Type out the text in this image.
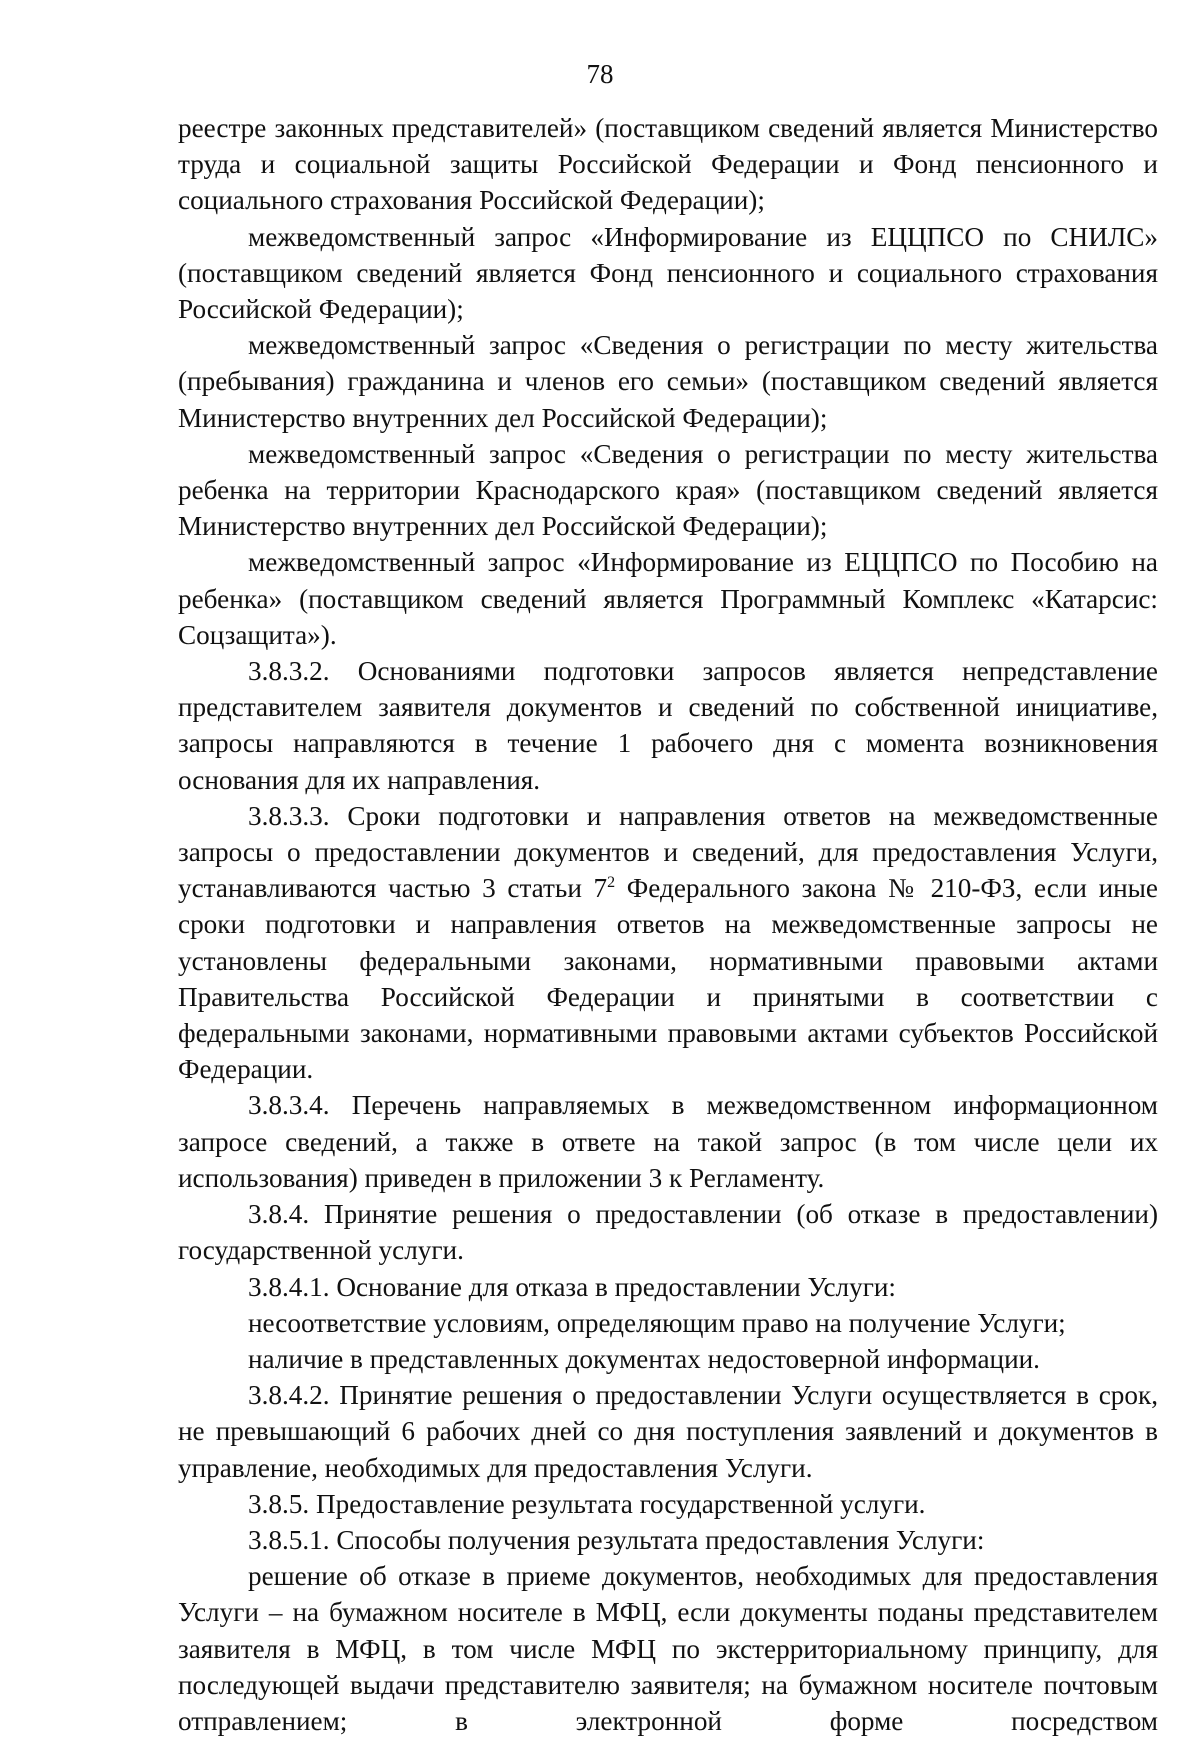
78

реестре законных представителей» (поставщиком сведений является Министерство труда и социальной защиты Российской Федерации и Фонд пенсионного и социального страхования Российской Федерации);

межведомственный запрос «Информирование из ЕЦЦПСО по СНИЛС» (поставщиком сведений является Фонд пенсионного и социального страхования Российской Федерации);

межведомственный запрос «Сведения о регистрации по месту жительства (пребывания) гражданина и членов его семьи» (поставщиком сведений является Министерство внутренних дел Российской Федерации);

межведомственный запрос «Сведения о регистрации по месту жительства ребенка на территории Краснодарского края» (поставщиком сведений является Министерство внутренних дел Российской Федерации);

межведомственный запрос «Информирование из ЕЦЦПСО по Пособию на ребенка» (поставщиком сведений является Программный Комплекс «Катарсис: Соцзащита»).

3.8.3.2. Основаниями подготовки запросов является непредставление представителем заявителя документов и сведений по собственной инициативе, запросы направляются в течение 1 рабочего дня с момента возникновения основания для их направления.

3.8.3.3. Сроки подготовки и направления ответов на межведомственные запросы о предоставлении документов и сведений, для предоставления Услуги, устанавливаются частью 3 статьи $7^2$ Федерального закона № 210-ФЗ, если иные сроки подготовки и направления ответов на межведомственные запросы не установлены федеральными законами, нормативными правовыми актами Правительства Российской Федерации и принятыми в соответствии с федеральными законами, нормативными правовыми актами субъектов Российской Федерации.

3.8.3.4. Перечень направляемых в межведомственном информационном запросе сведений, а также в ответе на такой запрос (в том числе цели их использования) приведен в приложении 3 к Регламенту.

3.8.4. Принятие решения о предоставлении (об отказе в предоставлении) государственной услуги.

3.8.4.1. Основание для отказа в предоставлении Услуги:

несоответствие условиям, определяющим право на получение Услуги;

наличие в представленных документах недостоверной информации.

3.8.4.2. Принятие решения о предоставлении Услуги осуществляется в срок, не превышающий 6 рабочих дней со дня поступления заявлений и документов в управление, необходимых для предоставления Услуги.

3.8.5. Предоставление результата государственной услуги.

3.8.5.1. Способы получения результата предоставления Услуги:

решение об отказе в приеме документов, необходимых для предоставления Услуги – на бумажном носителе в МФЦ, если документы поданы представителем заявителя в МФЦ, в том числе МФЦ по экстерриториальному принципу, для последующей выдачи представителю заявителя; на бумажном носителе почтовым отправлением; в электронной форме посредством
